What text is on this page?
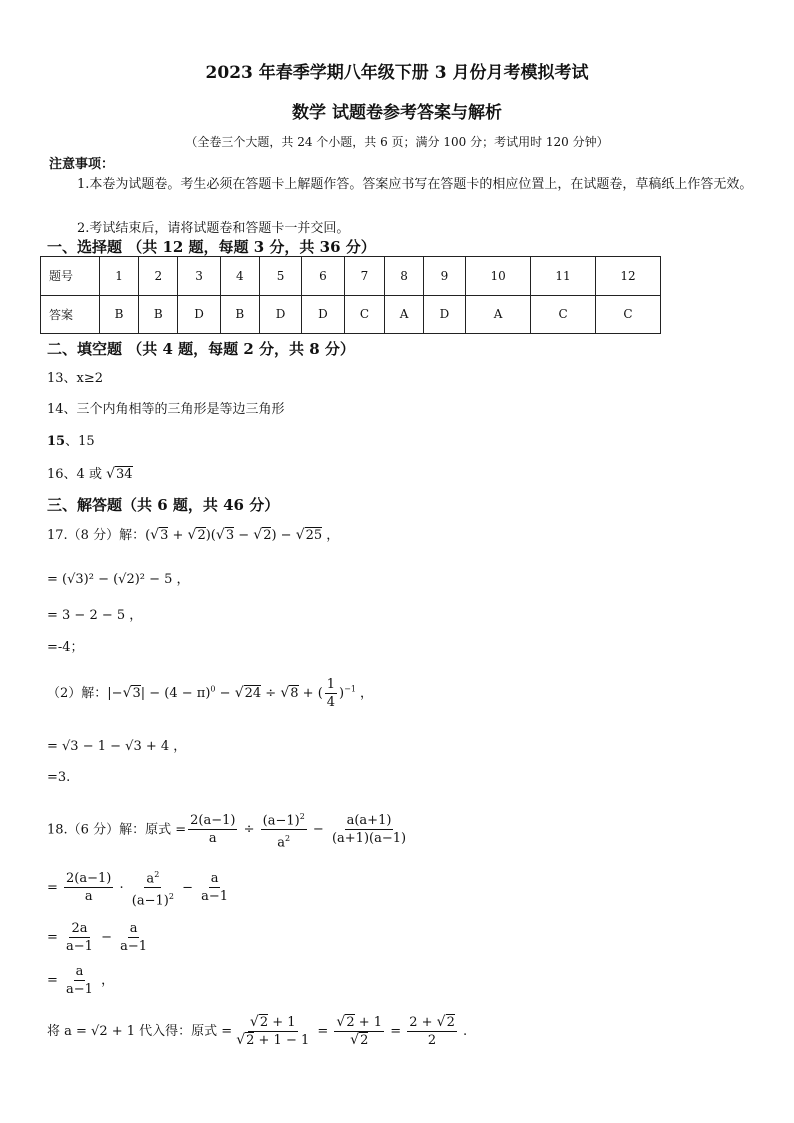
2023 年春季学期八年级下册 3 月份月考模拟考试
数学 试题卷参考答案与解析
（全卷三个大题，共 24 个小题，共 6 页；满分 100 分；考试用时 120 分钟）
注意事项：
1.本卷为试题卷。考生必须在答题卡上解题作答。答案应书写在答题卡的相应位置上，在试题卷，草稿纸上作答无效。
2.考试结束后，请将试题卷和答题卡一并交回。
一、选择题 （共 12 题，每题 3 分，共 36 分）
题号	1	2	3	4	5	6	7	8	9	10	11	12
答案	B	B	D	B	D	D	C	A	D	A	C	C
二、填空题 （共 4 题，每题 2 分，共 8 分）
13、x≥2
14、三个内角相等的三角形是等边三角形
15、15
16、4 或 √34
三、解答题（共 6 题，共 46 分）
17.（8 分）解：(√3 + √2)(√3 − √2) − √25 ，
= (√3)² − (√2)² − 5 ，
= 3 − 2 − 5 ，
=-4；
（2）解：$|-√3| - (4 - \pi)^0 - √24 \div √8$ + ( $\frac{1}{4} )^{-1}$ ，
= √3 − 1 − √3 + 4 ，
=3.
18.（6 分）解：原式 = $\frac{2(a-1)}{a} \div \frac{(a-1)^2}{a^2} - \frac{a(a+1)}{(a+1)(a-1)}$
= $\frac{2(a-1)}{a} \cdot \frac{a^2}{(a-1)^2} - \frac{a}{a-1}$
= $\frac{2a}{a-1} - \frac{a}{a-1}$
= $\frac{a}{a-1}$ ，
将 a = √2 + 1 代入得：原式 = $\frac{√2 + 1}{√2 + 1 - 1} = \frac{√2 + 1}{√2} = \frac{2 + √2}{2}$ .
